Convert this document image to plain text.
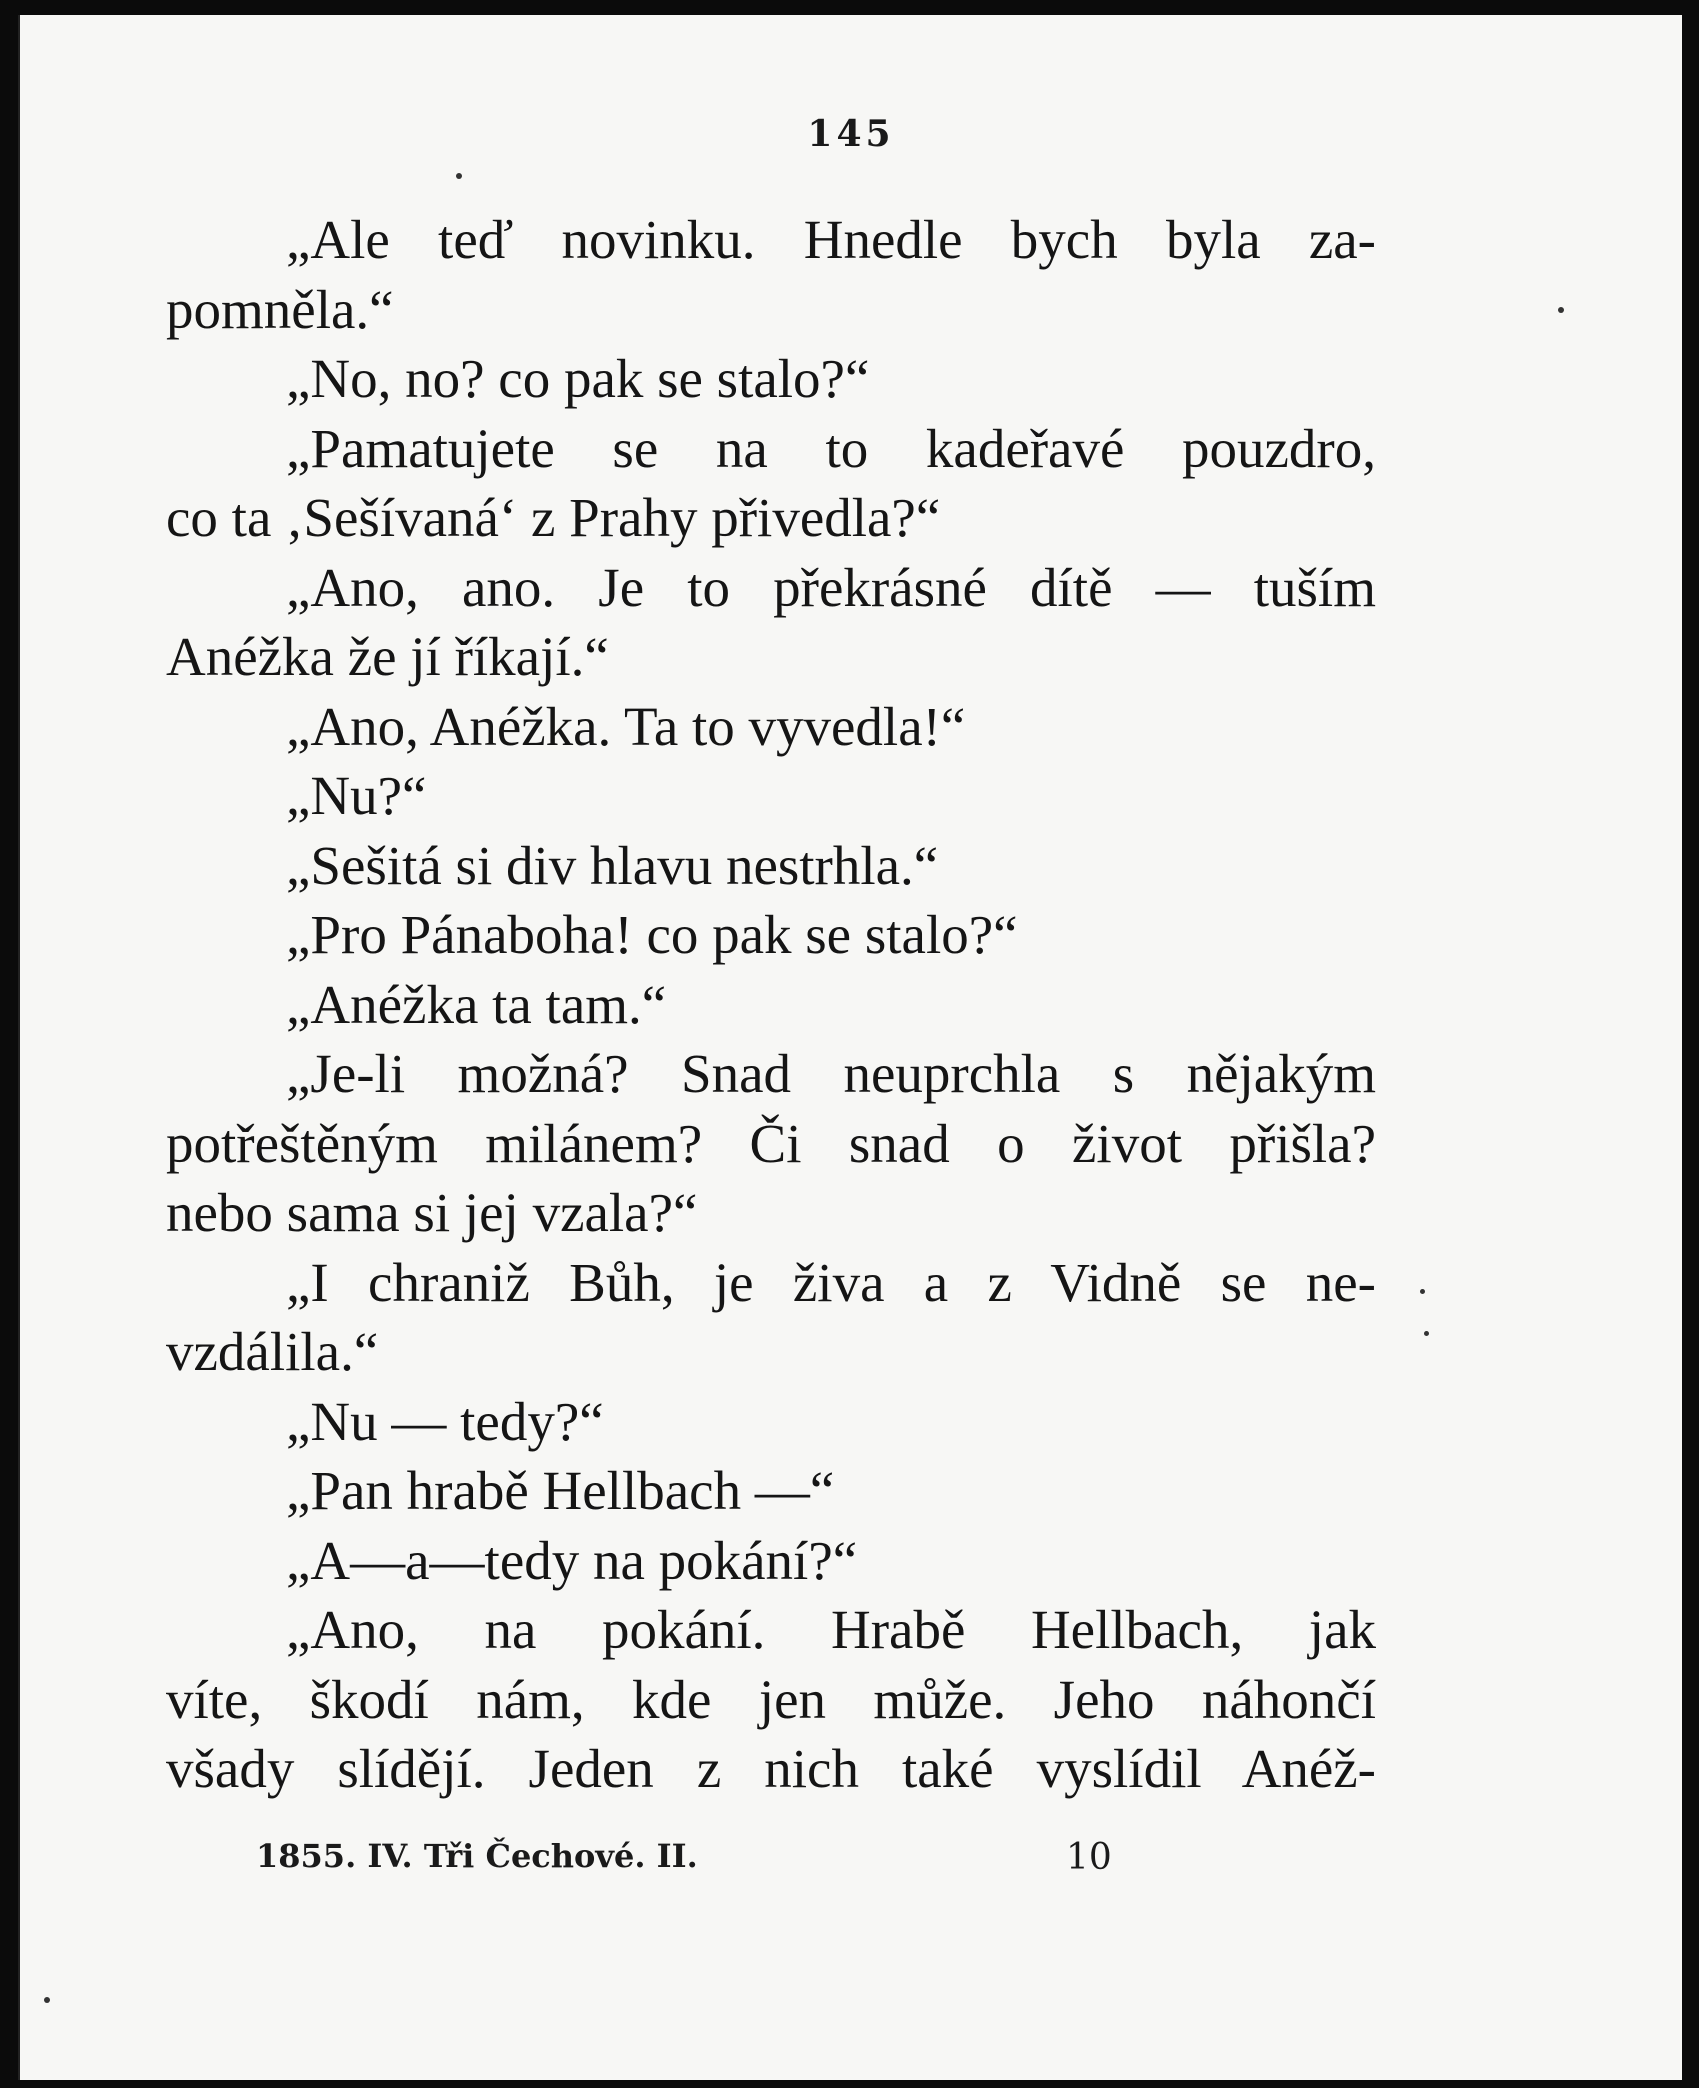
145
„Ale teď novinku. Hnedle bych byla za-
pomněla.“
„No, no? co pak se stalo?“
„Pamatujete se na to kadeřavé pouzdro,
co ta ‚Sešívaná‘ z Prahy přivedla?“
„Ano, ano. Je to překrásné dítě — tuším
Anéžka že jí říkají.“
„Ano, Anéžka. Ta to vyvedla!“
„Nu?“
„Sešitá si div hlavu nestrhla.“
„Pro Pánaboha! co pak se stalo?“
„Anéžka ta tam.“
„Je-li možná? Snad neuprchla s nějakým
potřeštěným milánem? Či snad o život přišla?
nebo sama si jej vzala?“
„I chraniž Bůh, je živa a z Vidně se ne-
vzdálila.“
„Nu — tedy?“
„Pan hrabě Hellbach —“
„A—a—tedy na pokání?“
„Ano, na pokání. Hrabě Hellbach, jak
víte, škodí nám, kde jen může. Jeho náhončí
všady slídějí. Jeden z nich také vyslídil Anéž-
1855. IV. Tři Čechové. II.	10
